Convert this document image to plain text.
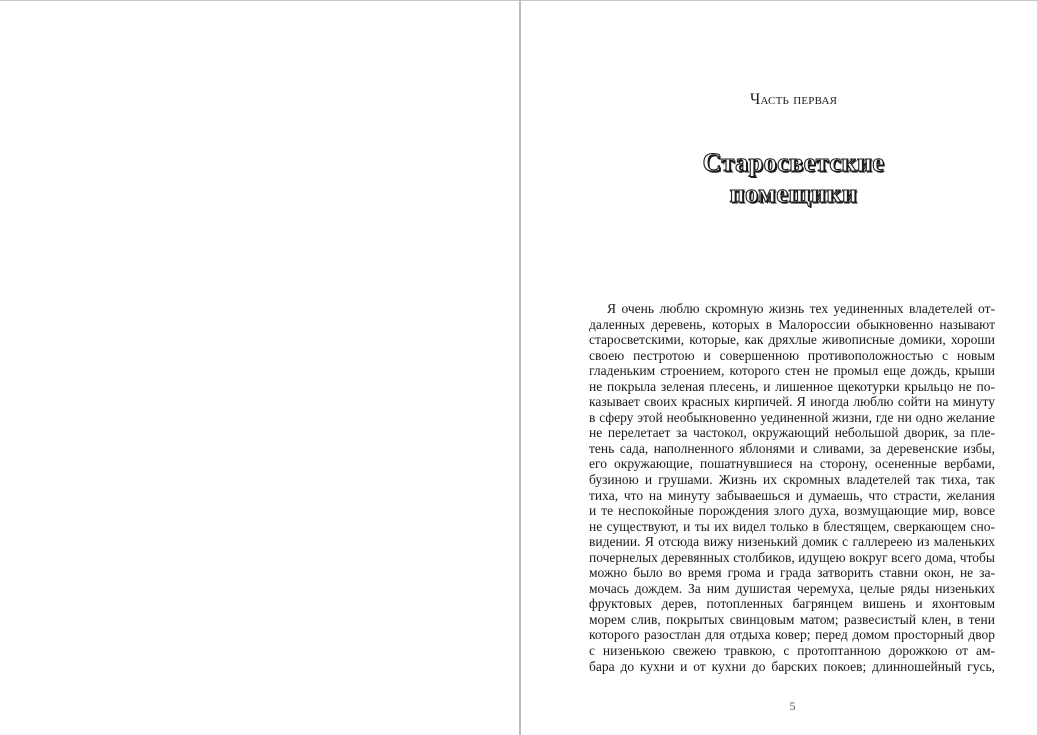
Часть первая
Старосветские
помещики
Я очень люблю скромную жизнь тех уединенных владетелей от-
даленных деревень, которых в Малороссии обыкновенно называют
старосветскими, которые, как дряхлые живописные домики, хороши
своею пестротою и совершенною противоположностью с новым
гладеньким строением, которого стен не промыл еще дождь, крыши
не покрыла зеленая плесень, и лишенное щекотурки крыльцо не по-
казывает своих красных кирпичей. Я иногда люблю сойти на минуту
в сферу этой необыкновенно уединенной жизни, где ни одно желание
не перелетает за частокол, окружающий небольшой дворик, за пле-
тень сада, наполненного яблонями и сливами, за деревенские избы,
его окружающие, пошатнувшиеся на сторону, осененные вербами,
бузиною и грушами. Жизнь их скромных владетелей так тиха, так
тиха, что на минуту забываешься и думаешь, что страсти, желания
и те неспокойные порождения злого духа, возмущающие мир, вовсе
не существуют, и ты их видел только в блестящем, сверкающем сно-
видении. Я отсюда вижу низенький домик с галлереею из маленьких
почернелых деревянных столбиков, идущею вокруг всего дома, чтобы
можно было во время грома и града затворить ставни окон, не за-
мочась дождем. За ним душистая черемуха, целые ряды низеньких
фруктовых дерев, потопленных багрянцем вишень и яхонтовым
морем слив, покрытых свинцовым матом; развесистый клен, в тени
которого разостлан для отдыха ковер; перед домом просторный двор
с низенькою свежею травкою, с протоптанною дорожкою от ам-
бара до кухни и от кухни до барских покоев; длинношейный гусь,
5
